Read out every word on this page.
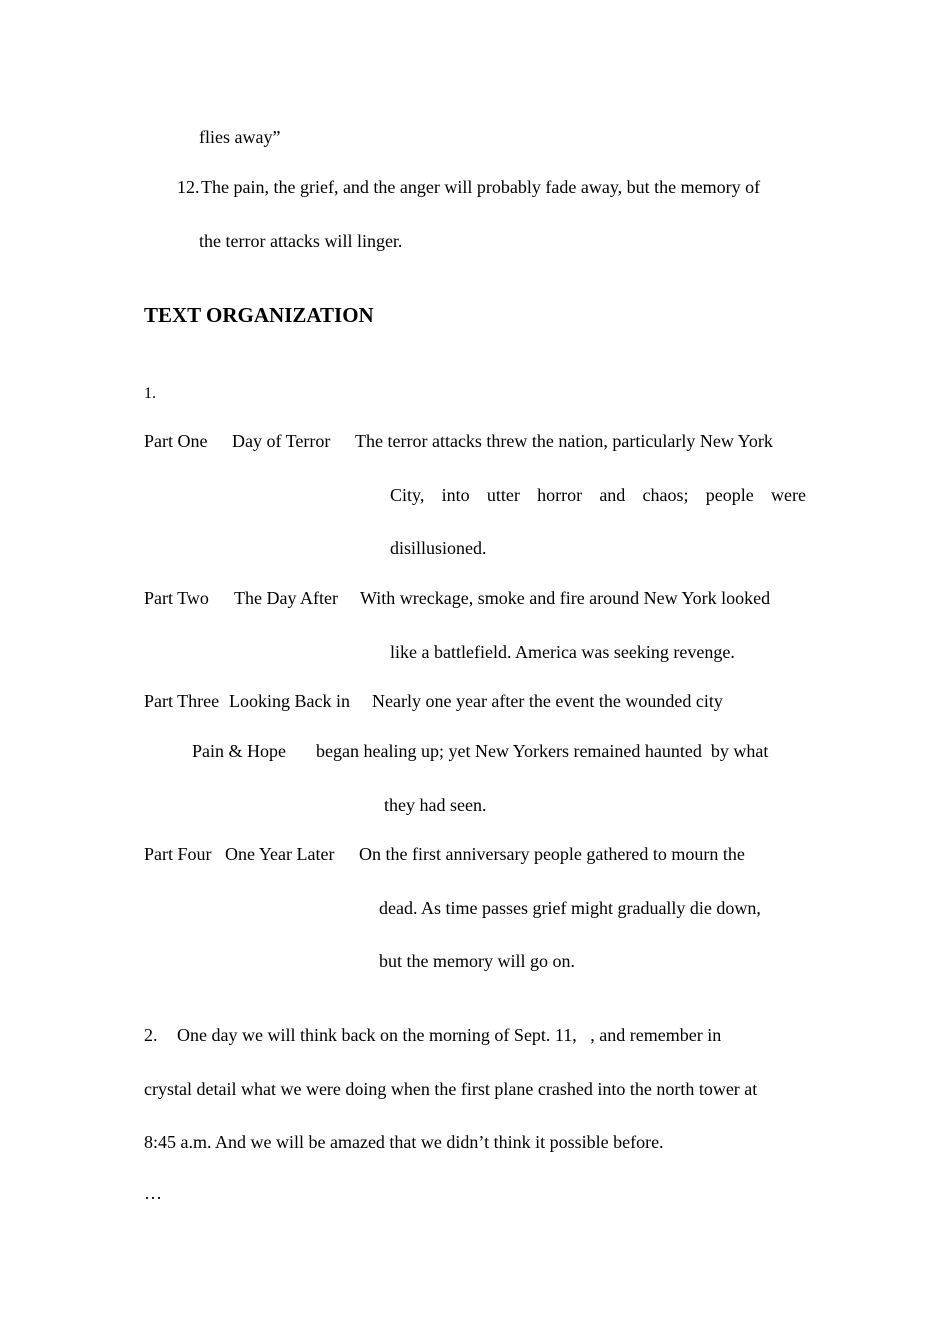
flies away”
12. The pain, the grief, and the anger will probably fade away, but the memory of
the terror attacks will linger.
TEXT ORGANIZATION
1.
Part One Day of Terror The terror attacks threw the nation, particularly New York
City, into utter horror and chaos; people were
disillusioned.
Part Two The Day After With wreckage, smoke and fire around New York looked
like a battlefield. America was seeking revenge.
Part Three Looking Back in Nearly one year after the event the wounded city
Pain & Hope began healing up; yet New Yorkers remained haunted  by what
they had seen.
Part Four One Year Later On the first anniversary people gathered to mourn the
dead. As time passes grief might gradually die down,
but the memory will go on.
2. One day we will think back on the morning of Sept. 11,   , and remember in
crystal detail what we were doing when the first plane crashed into the north tower at
8:45 a.m. And we will be amazed that we didn’t think it possible before.
…
